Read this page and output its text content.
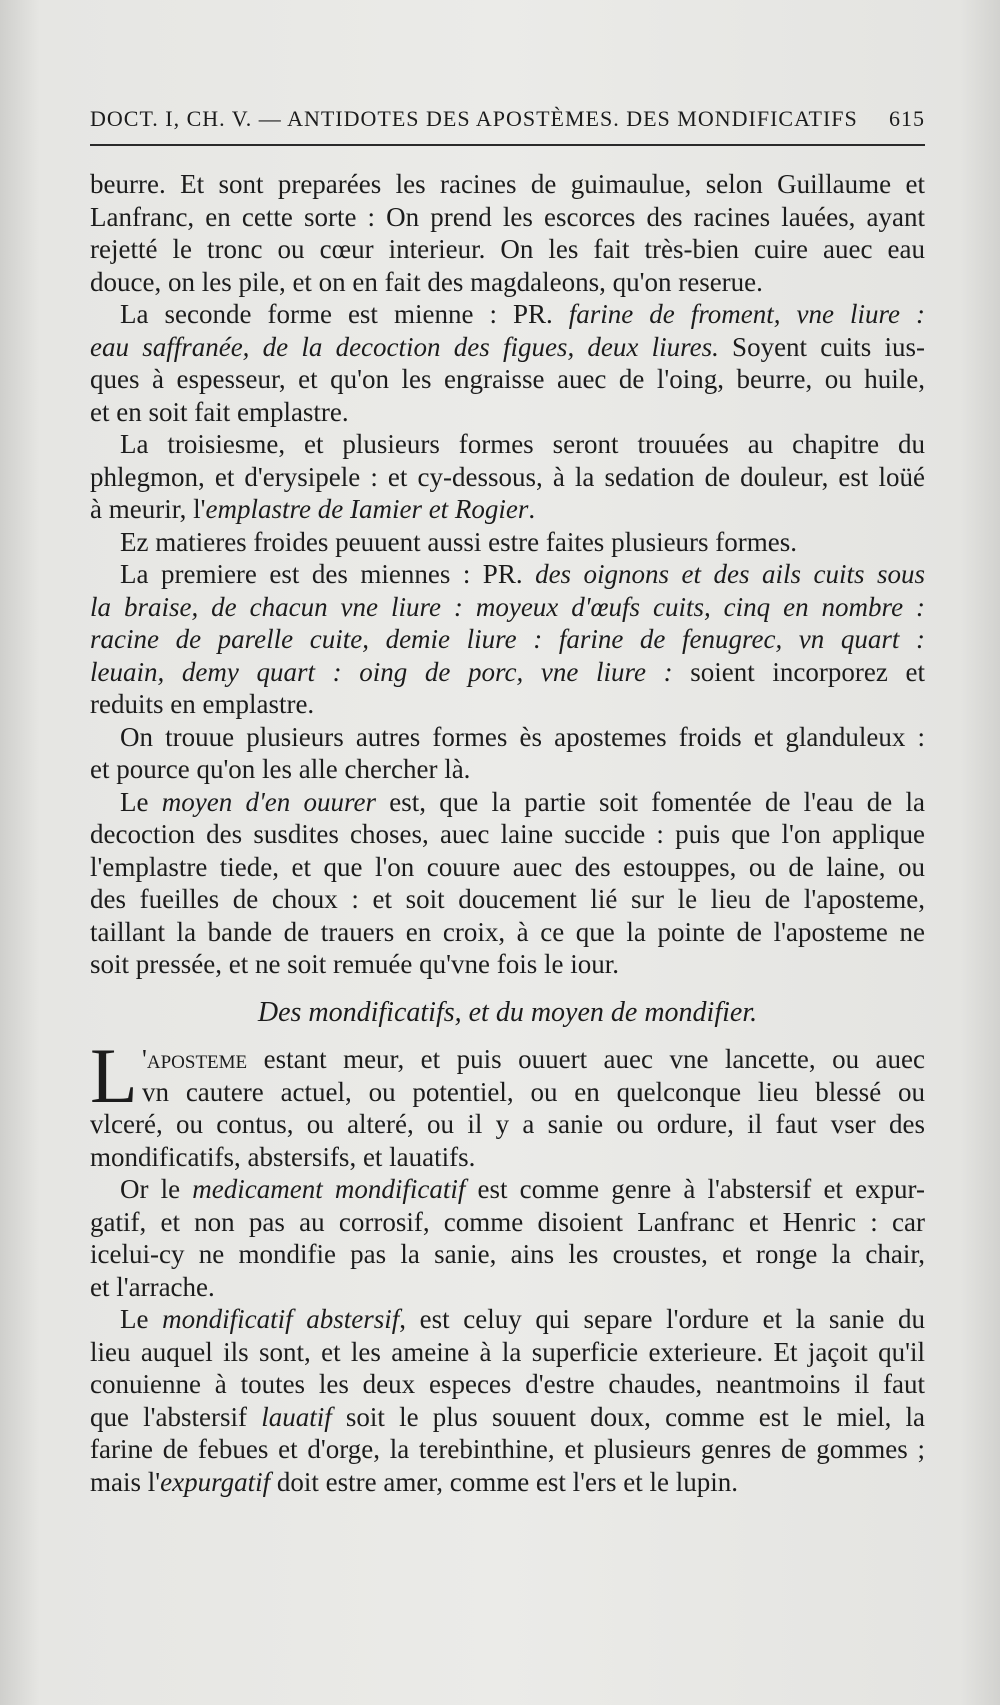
DOCT. I, CH. V. — ANTIDOTES DES APOSTÈMES. DES MONDIFICATIFS 615
beurre. Et sont preparées les racines de guimaulue, selon Guillaume et
Lanfranc, en cette sorte : On prend les escorces des racines lauées, ayant
rejetté le tronc ou cœur interieur. On les fait très-bien cuire auec eau
douce, on les pile, et on en fait des magdaleons, qu'on reserue.
La seconde forme est mienne : PR. farine de froment, vne liure :
eau saffranée, de la decoction des figues, deux liures. Soyent cuits ius-
ques à espesseur, et qu'on les engraisse auec de l'oing, beurre, ou huile,
et en soit fait emplastre.
La troisiesme, et plusieurs formes seront trouuées au chapitre du
phlegmon, et d'erysipele : et cy-dessous, à la sedation de douleur, est loüé
à meurir, l'emplastre de Iamier et Rogier.
Ez matieres froides peuuent aussi estre faites plusieurs formes.
La premiere est des miennes : PR. des oignons et des ails cuits sous
la braise, de chacun vne liure : moyeux d'œufs cuits, cinq en nombre :
racine de parelle cuite, demie liure : farine de fenugrec, vn quart :
leuain, demy quart : oing de porc, vne liure : soient incorporez et
reduits en emplastre.
On trouue plusieurs autres formes ès apostemes froids et glanduleux :
et pource qu'on les alle chercher là.
Le moyen d'en ouurer est, que la partie soit fomentée de l'eau de la
decoction des susdites choses, auec laine succide : puis que l'on applique
l'emplastre tiede, et que l'on couure auec des estouppes, ou de laine, ou
des fueilles de choux : et soit doucement lié sur le lieu de l'aposteme,
taillant la bande de trauers en croix, à ce que la pointe de l'aposteme ne
soit pressée, et ne soit remuée qu'vne fois le iour.
Des mondificatifs, et du moyen de mondifier.
L 'aposteme estant meur, et puis ouuert auec vne lancette, ou auec
vn cautere actuel, ou potentiel, ou en quelconque lieu blessé ou
vlceré, ou contus, ou alteré, ou il y a sanie ou ordure, il faut vser des
mondificatifs, abstersifs, et lauatifs.
Or le medicament mondificatif est comme genre à l'abstersif et expur-
gatif, et non pas au corrosif, comme disoient Lanfranc et Henric : car
icelui-cy ne mondifie pas la sanie, ains les croustes, et ronge la chair,
et l'arrache.
Le mondificatif abstersif, est celuy qui separe l'ordure et la sanie du
lieu auquel ils sont, et les ameine à la superficie exterieure. Et jaçoit qu'il
conuienne à toutes les deux especes d'estre chaudes, neantmoins il faut
que l'abstersif lauatif soit le plus souuent doux, comme est le miel, la
farine de febues et d'orge, la terebinthine, et plusieurs genres de gommes ;
mais l'expurgatif doit estre amer, comme est l'ers et le lupin.
